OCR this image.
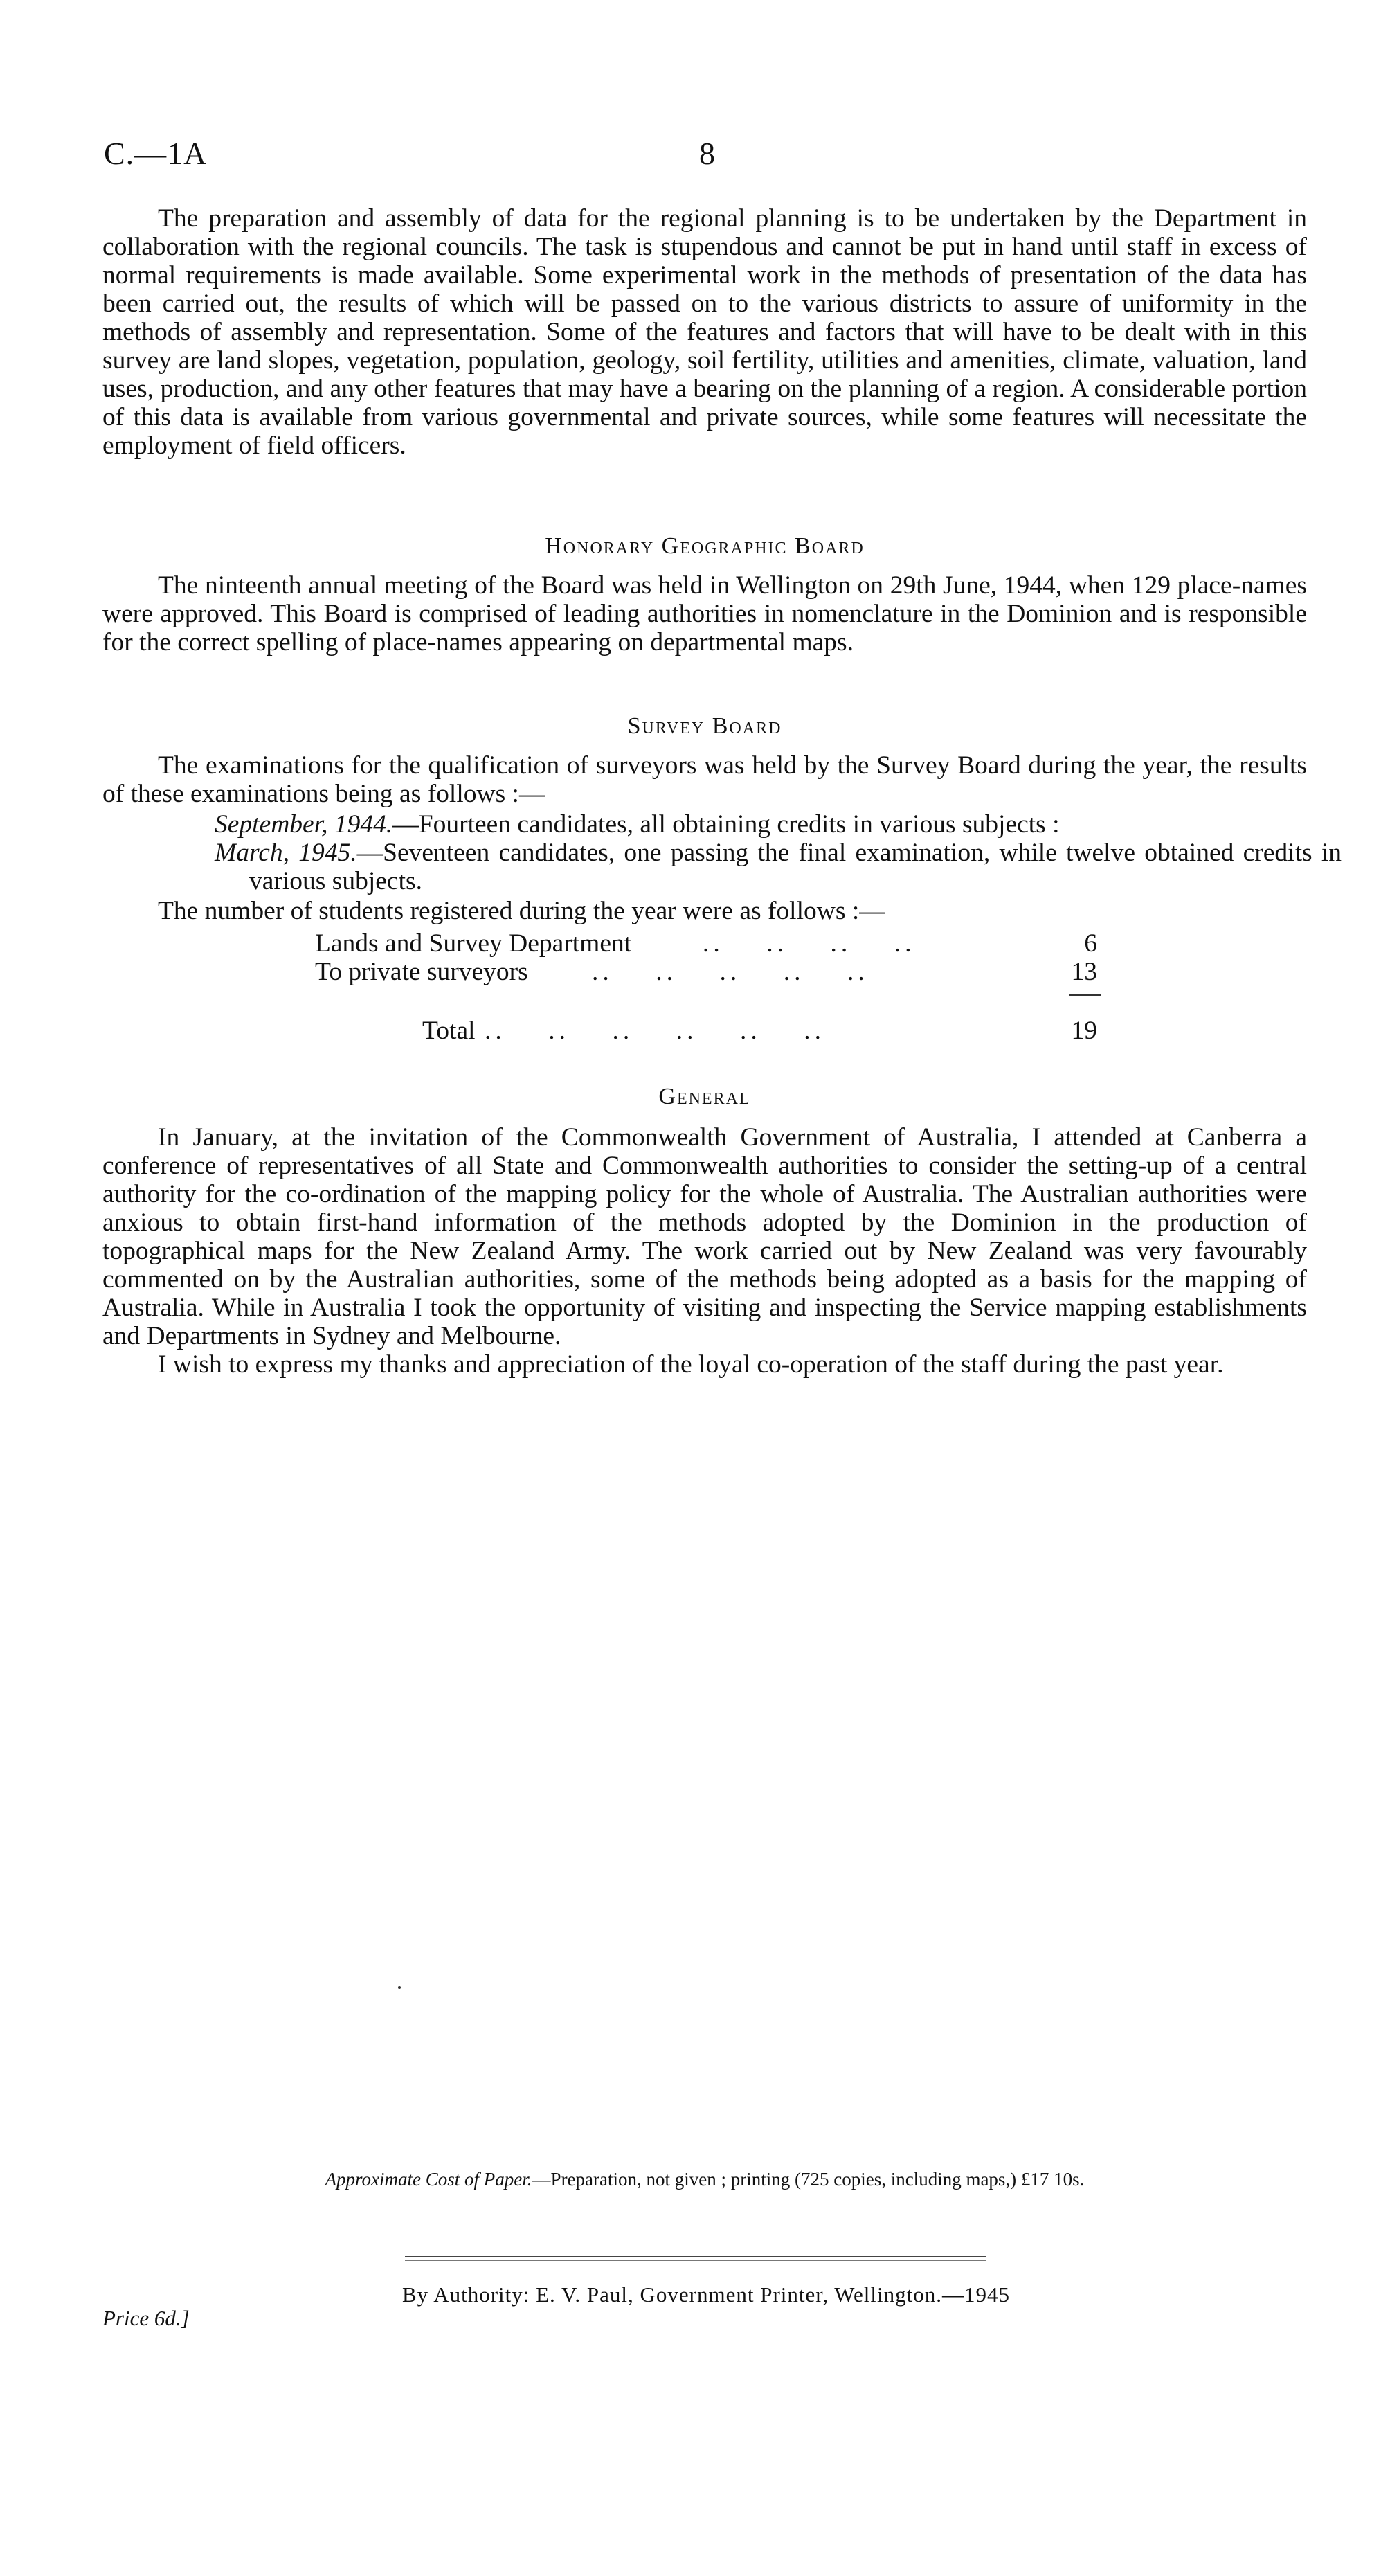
C.—1A	8

The preparation and assembly of data for the regional planning is to be undertaken by the Department in collaboration with the regional councils. The task is stupendous and cannot be put in hand until staff in excess of normal requirements is made available. Some experimental work in the methods of presentation of the data has been carried out, the results of which will be passed on to the various districts to assure of uniformity in the methods of assembly and representation. Some of the features and factors that will have to be dealt with in this survey are land slopes, vegetation, population, geology, soil fertility, utilities and amenities, climate, valuation, land uses, production, and any other features that may have a bearing on the planning of a region. A considerable portion of this data is available from various governmental and private sources, while some features will necessitate the employment of field officers.

Honorary Geographic Board

The ninteenth annual meeting of the Board was held in Wellington on 29th June, 1944, when 129 place-names were approved. This Board is comprised of leading authorities in nomenclature in the Dominion and is responsible for the correct spelling of place-names appearing on departmental maps.

Survey Board

The examinations for the qualification of surveyors was held by the Survey Board during the year, the results of these examinations being as follows :—

September, 1944.—Fourteen candidates, all obtaining credits in various subjects :
March, 1945.—Seventeen candidates, one passing the final examination, while twelve obtained credits in various subjects.
The number of students registered during the year were as follows :—
Lands and Survey Department	..    ..    ..    ..	6
To private surveyors ..    ..    ..    ..    ..	13
Total ..    ..    ..    ..    ..    ..	19
General

In January, at the invitation of the Commonwealth Government of Australia, I attended at Canberra a conference of representatives of all State and Commonwealth authorities to consider the setting-up of a central authority for the co-ordination of the mapping policy for the whole of Australia. The Australian authorities were anxious to obtain first-hand information of the methods adopted by the Dominion in the production of topographical maps for the New Zealand Army. The work carried out by New Zealand was very favourably commented on by the Australian authorities, some of the methods being adopted as a basis for the mapping of Australia. While in Australia I took the opportunity of visiting and inspecting the Service mapping establishments and Departments in Sydney and Melbourne.

I wish to express my thanks and appreciation of the loyal co-operation of the staff during the past year.

Approximate Cost of Paper.—Preparation, not given ; printing (725 copies, including maps,) £17 10s.
By Authority: E. V. Paul, Government Printer, Wellington.—1945
Price 6d.]
